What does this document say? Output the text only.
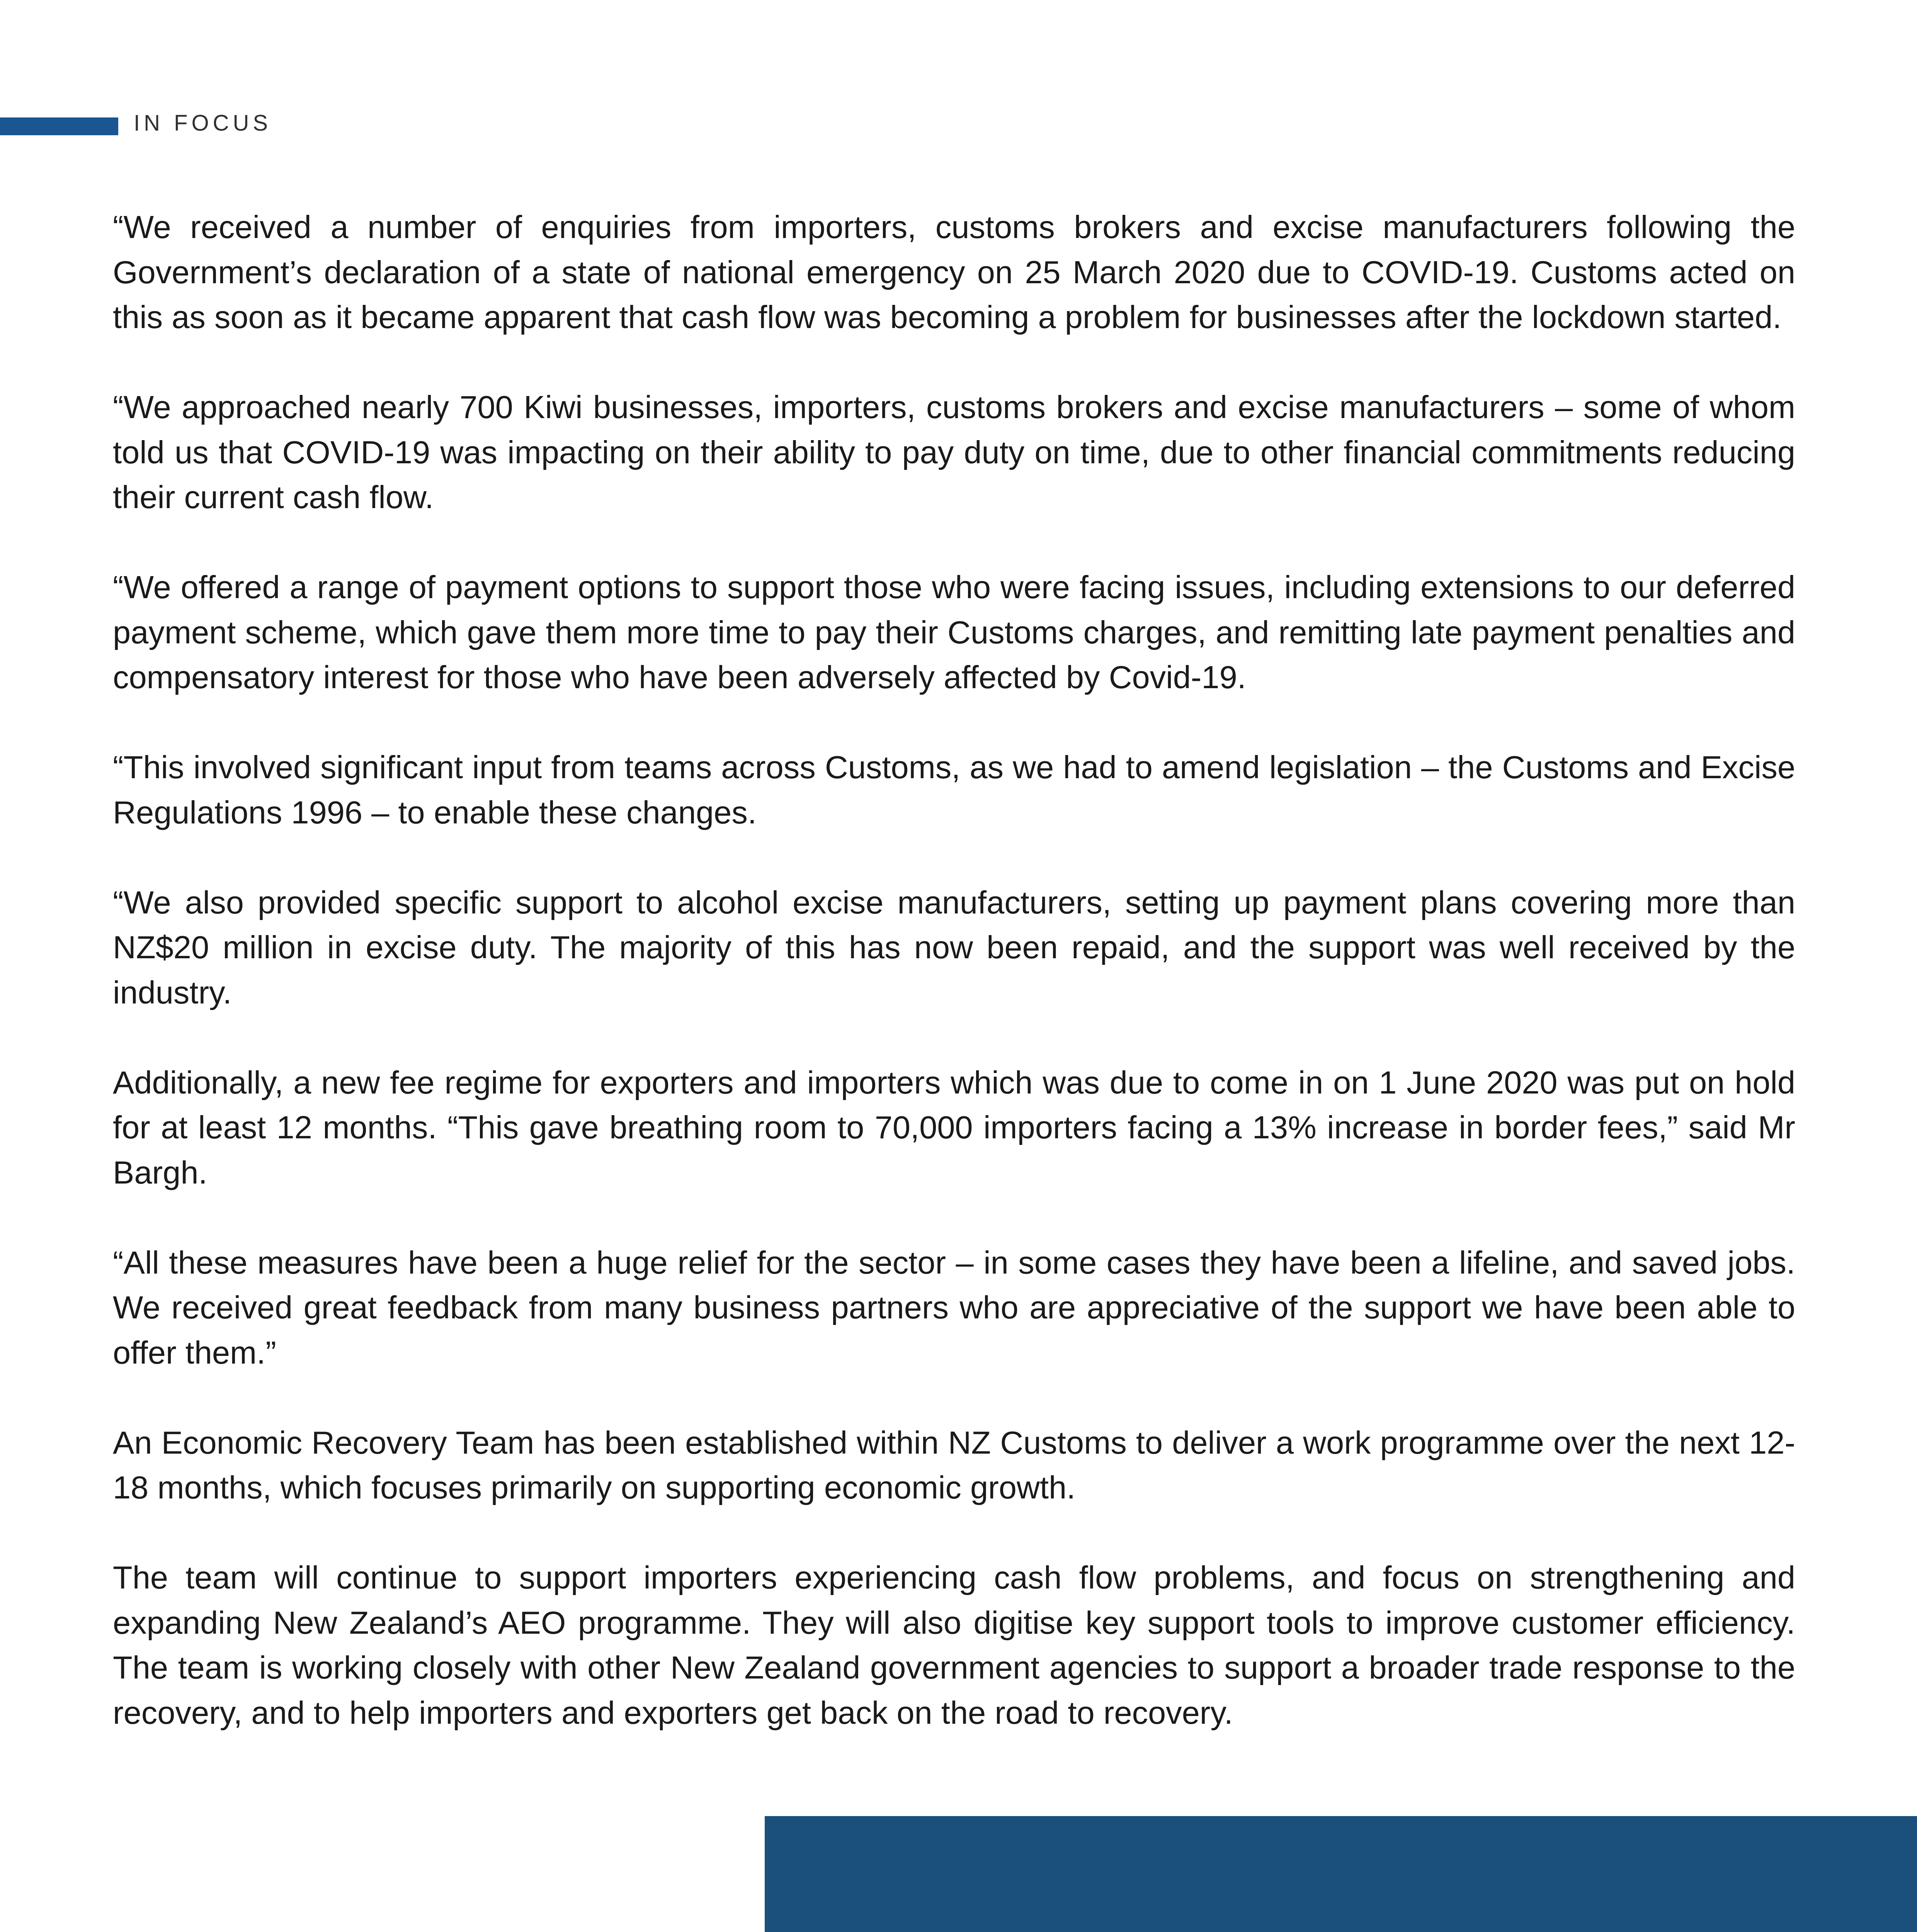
IN FOCUS

“We received a number of enquiries from importers, customs brokers and excise manufacturers following the Government’s declaration of a state of national emergency on 25 March 2020 due to COVID-19. Customs acted on this as soon as it became apparent that cash flow was becoming a problem for businesses after the lockdown started.

“We approached nearly 700 Kiwi businesses, importers, customs brokers and excise manufacturers – some of whom told us that COVID-19 was impacting on their ability to pay duty on time, due to other financial commitments reducing their current cash flow.

“We offered a range of payment options to support those who were facing issues, including extensions to our deferred payment scheme, which gave them more time to pay their Customs charges, and remitting late payment penalties and compensatory interest for those who have been adversely affected by Covid-19.

“This involved significant input from teams across Customs, as we had to amend legislation – the Customs and Excise Regulations 1996 – to enable these changes.

“We also provided specific support to alcohol excise manufacturers, setting up payment plans covering more than NZ$20 million in excise duty. The majority of this has now been repaid, and the support was well received by the industry.

Additionally, a new fee regime for exporters and importers which was due to come in on 1 June 2020 was put on hold for at least 12 months. “This gave breathing room to 70,000 importers facing a 13% increase in border fees,” said Mr Bargh.

“All these measures have been a huge relief for the sector – in some cases they have been a lifeline, and saved jobs. We received great feedback from many business partners who are appreciative of the support we have been able to offer them.”

An Economic Recovery Team has been established within NZ Customs to deliver a work programme over the next 12-18 months, which focuses primarily on supporting economic growth.

The team will continue to support importers experiencing cash flow problems, and focus on strengthening and expanding New Zealand’s AEO programme. They will also digitise key support tools to improve customer efficiency. The team is working closely with other New Zealand government agencies to support a broader trade response to the recovery, and to help importers and exporters get back on the road to recovery.
